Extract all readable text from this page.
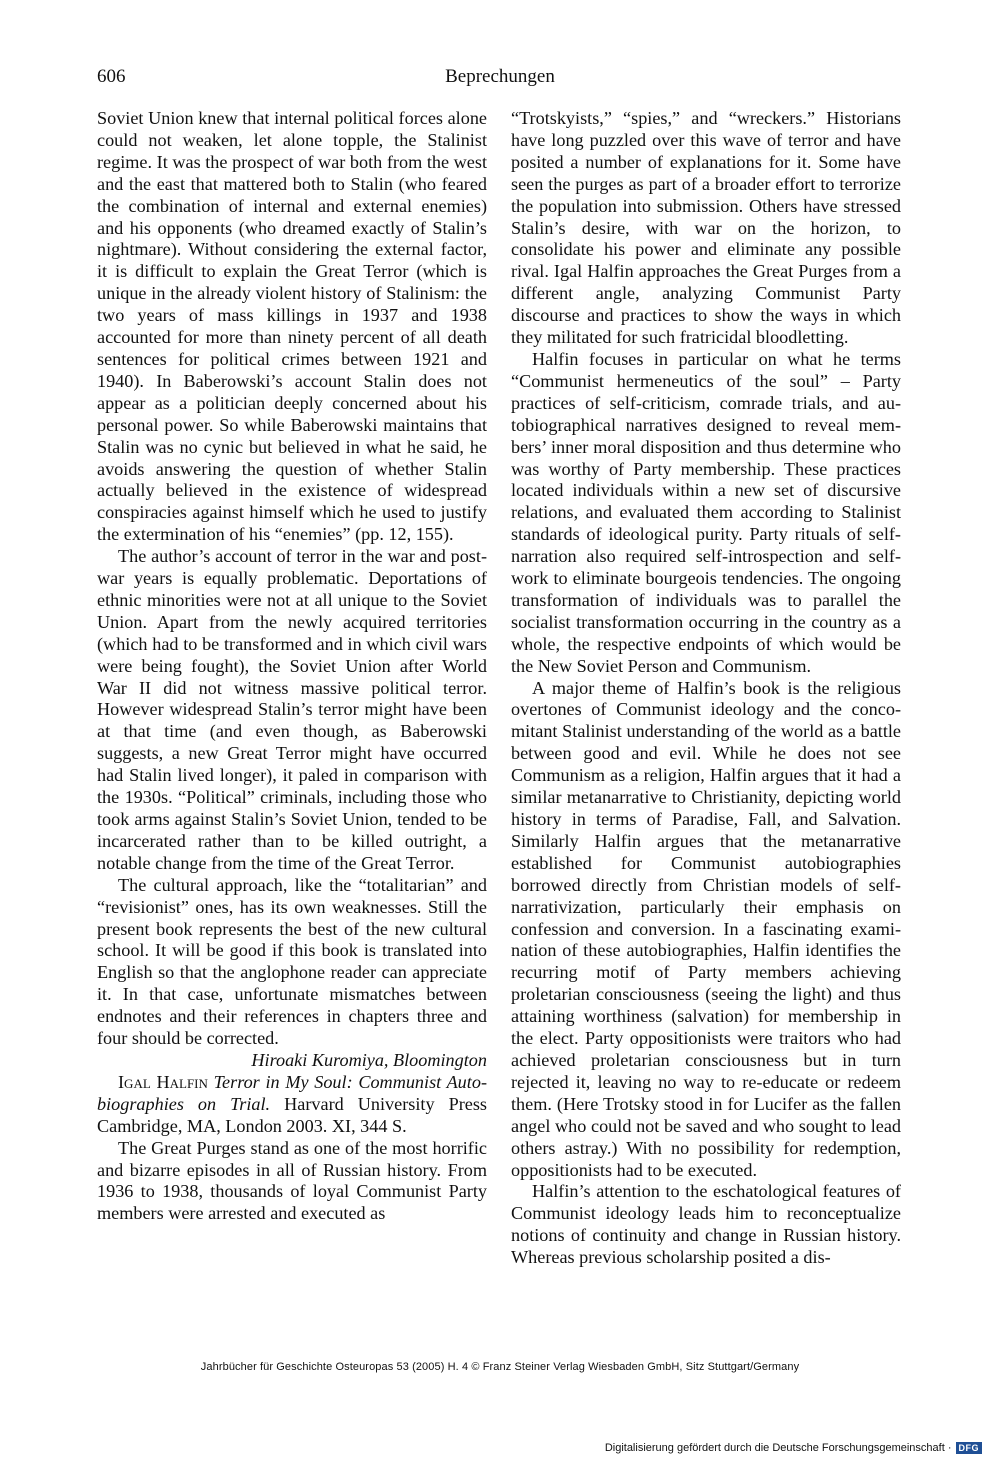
606	Beprechungen

Soviet Union knew that internal political forces alone could not weaken, let alone topple, the Stalinist regime. It was the prospect of war both from the west and the east that mattered both to Stalin (who feared the combination of internal and external enemies) and his opponents (who dreamed exactly of Stalin’s nightmare). Without considering the external factor, it is difficult to explain the Great Terror (which is unique in the already violent history of Stalinism: the two years of mass killings in 1937 and 1938 accounted for more than ninety percent of all death sentences for political crimes between 1921 and 1940). In Baberowski’s account Stalin does not appear as a politician deeply concerned about his personal power. So while Baberowski maintains that Stalin was no cynic but believed in what he said, he avoids answering the question of whether Stalin actually believed in the existence of widespread conspiracies against himself which he used to justify the extermination of his “enemies” (pp. 12, 155).

The author’s account of terror in the war and post-war years is equally problematic. Deportations of ethnic minorities were not at all unique to the Soviet Union. Apart from the newly acquired territories (which had to be transformed and in which civil wars were being fought), the Soviet Union after World War II did not witness massive political terror. However widespread Stalin’s terror might have been at that time (and even though, as Baberowski suggests, a new Great Terror might have occurred had Stalin lived longer), it paled in comparison with the 1930s. “Political” criminals, including those who took arms against Stalin’s Soviet Union, tended to be incarcerated rather than to be killed outright, a notable change from the time of the Great Terror.

The cultural approach, like the “totalitarian” and “revisionist” ones, has its own weaknesses. Still the present book represents the best of the new cultural school. It will be good if this book is translated into English so that the anglophone reader can appreciate it. In that case, unfortunate mismatches between endnotes and their references in chapters three and four should be corrected.

Hiroaki Kuromiya, Bloomington

Igal Halfin Terror in My Soul: Communist Autobiographies on Trial. Harvard University Press Cambridge, MA, London 2003. XI, 344 S.

The Great Purges stand as one of the most horrific and bizarre episodes in all of Russian history. From 1936 to 1938, thousands of loyal Communist Party members were arrested and executed as

“Trotskyists,” “spies,” and “wreckers.” Historians have long puzzled over this wave of terror and have posited a number of explanations for it. Some have seen the purges as part of a broader effort to terrorize the population into submission. Others have stressed Stalin’s desire, with war on the horizon, to consolidate his power and eliminate any possible rival. Igal Halfin approaches the Great Purges from a different angle, analyzing Communist Party discourse and practices to show the ways in which they militated for such fratricidal bloodletting.

Halfin focuses in particular on what he terms “Communist hermeneutics of the soul” – Party practices of self-criticism, comrade trials, and autobiographical narratives designed to reveal members’ inner moral disposition and thus determine who was worthy of Party membership. These practices located individuals within a new set of discursive relations, and evaluated them according to Stalinist standards of ideological purity. Party rituals of self-narration also required self-introspection and self-work to eliminate bourgeois tendencies. The ongoing transformation of individuals was to parallel the socialist transformation occurring in the country as a whole, the respective endpoints of which would be the New Soviet Person and Communism.

A major theme of Halfin’s book is the religious overtones of Communist ideology and the concomitant Stalinist understanding of the world as a battle between good and evil. While he does not see Communism as a religion, Halfin argues that it had a similar metanarrative to Christianity, depicting world history in terms of Paradise, Fall, and Salvation. Similarly Halfin argues that the metanarrative established for Communist autobiographies borrowed directly from Christian models of self-narrativization, particularly their emphasis on confession and conversion. In a fascinating examination of these autobiographies, Halfin identifies the recurring motif of Party members achieving proletarian consciousness (seeing the light) and thus attaining worthiness (salvation) for membership in the elect. Party oppositionists were traitors who had achieved proletarian consciousness but in turn rejected it, leaving no way to re-educate or redeem them. (Here Trotsky stood in for Lucifer as the fallen angel who could not be saved and who sought to lead others astray.) With no possibility for redemption, oppositionists had to be executed.

Halfin’s attention to the eschatological features of Communist ideology leads him to reconceptualize notions of continuity and change in Russian history. Whereas previous scholarship posited a dis-

Jahrbücher für Geschichte Osteuropas 53 (2005) H. 4 © Franz Steiner Verlag Wiesbaden GmbH, Sitz Stuttgart/Germany
Digitalisierung gefördert durch die Deutsche Forschungsgemeinschaft · DFG
